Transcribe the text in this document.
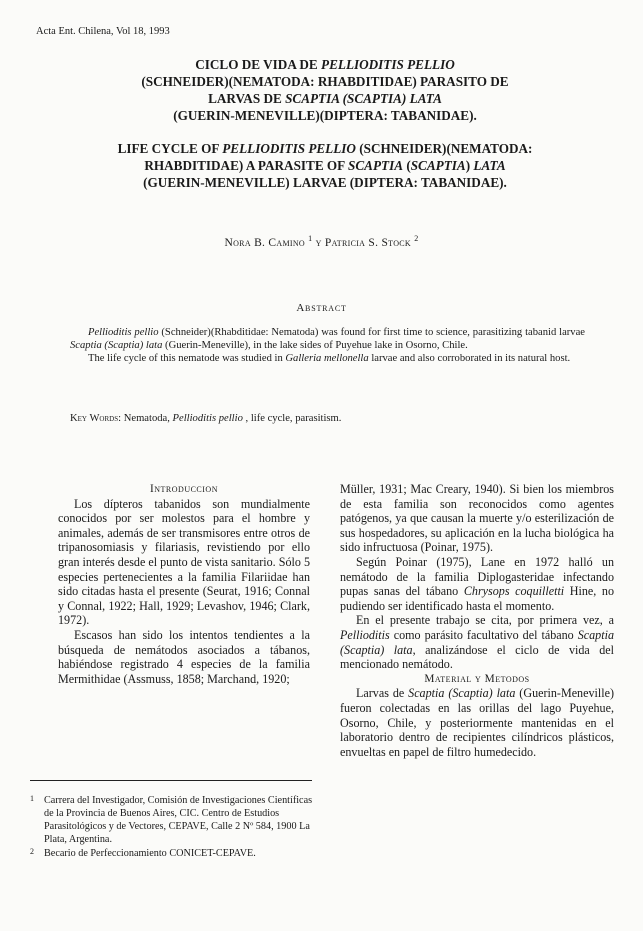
Acta Ent. Chilena, Vol 18, 1993
CICLO DE VIDA DE PELLIODITIS PELLIO
(SCHNEIDER)(NEMATODA: RHABDITIDAE) PARASITO DE
LARVAS DE SCAPTIA (SCAPTIA) LATA
(GUERIN-MENEVILLE)(DIPTERA: TABANIDAE).
LIFE CYCLE OF PELLIODITIS PELLIO (SCHNEIDER)(NEMATODA:
RHABDITIDAE) A PARASITE OF SCAPTIA (SCAPTIA) LATA
(GUERIN-MENEVILLE) LARVAE (DIPTERA: TABANIDAE).
Nora B. Camino $^1$ y Patricia S. Stock $^2$
Abstract

Pellioditis pellio (Schneider)(Rhabditidae: Nematoda) was found for first time to science, parasitizing tabanid larvae Scaptia (Scaptia) lata (Guerin-Meneville), in the lake sides of Puyehue lake in Osorno, Chile.

The life cycle of this nematode was studied in Galleria mellonella larvae and also corroborated in its natural host.

Key Words: Nematoda, Pellioditis pellio , life cycle, parasitism.

Introduccion

Los dípteros tabanidos son mundialmente conocidos por ser molestos para el hombre y animales, además de ser transmisores entre otros de tripanosomiasis y filariasis, revistiendo por ello gran interés desde el punto de vista sanitario. Sólo 5 especies pertenecientes a la familia Filariidae han sido citadas hasta el presente (Seurat, 1916; Connal y Connal, 1922; Hall, 1929; Levashov, 1946; Clark, 1972).

Escasos han sido los intentos tendientes a la búsqueda de nemátodos asociados a tábanos, habiéndose registrado 4 especies de la familia Mermithidae (Assmuss, 1858; Marchand, 1920;

Müller, 1931; Mac Creary, 1940). Si bien los miembros de esta familia son reconocidos como agentes patógenos, ya que causan la muerte y/o esterilización de sus hospedadores, su aplicación en la lucha biológica ha sido infructuosa (Poinar, 1975).

Según Poinar (1975), Lane en 1972 halló un nemátodo de la familia Diplogasteridae infectando pupas sanas del tábano Chrysops coquilletti Hine, no pudiendo ser identificado hasta el momento.

En el presente trabajo se cita, por primera vez, a Pellioditis como parásito facultativo del tábano Scaptia (Scaptia) lata, analizándose el ciclo de vida del mencionado nemátodo.

Material y Metodos

Larvas de Scaptia (Scaptia) lata (Guerin-Meneville) fueron colectadas en las orillas del lago Puyehue, Osorno, Chile, y posteriormente mantenidas en el laboratorio dentro de recipientes cilíndricos plásticos, envueltas en papel de filtro humedecido.

1 Carrera del Investigador, Comisión de Investigaciones Científicas de la Provincia de Buenos Aires, CIC. Centro de Estudios Parasitológicos y de Vectores, CEPAVE, Calle 2 Nº 584, 1900 La Plata, Argentina.
2 Becario de Perfeccionamiento CONICET-CEPAVE.
